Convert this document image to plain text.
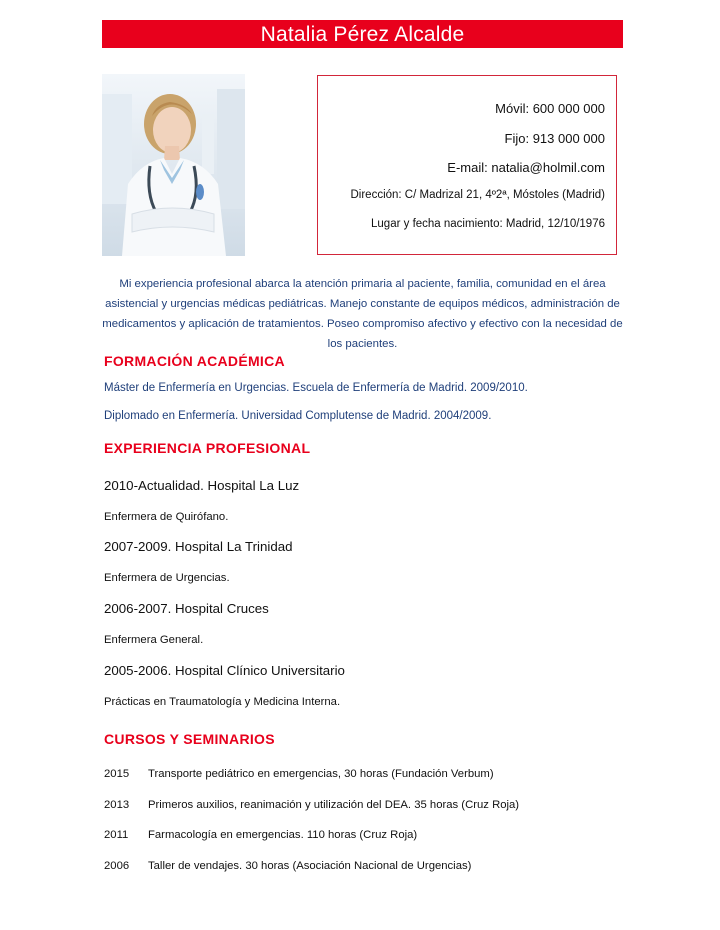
Natalia Pérez Alcalde
Móvil: 600 000 000
Fijo: 913 000 000
E-mail: natalia@holmil.com
Dirección: C/ Madrizal 21, 4º2ª, Móstoles (Madrid)
Lugar y fecha nacimiento: Madrid, 12/10/1976
Mi experiencia profesional abarca la atención primaria al paciente, familia, comunidad en el área asistencial y urgencias médicas pediátricas. Manejo constante de equipos médicos, administración de medicamentos y aplicación de tratamientos. Poseo compromiso afectivo y efectivo con la necesidad de los pacientes.
FORMACIÓN ACADÉMICA
Máster de Enfermería en Urgencias. Escuela de Enfermería de Madrid. 2009/2010.
Diplomado en Enfermería. Universidad Complutense de Madrid. 2004/2009.
EXPERIENCIA PROFESIONAL
2010-Actualidad. Hospital La Luz
Enfermera de Quirófano.
2007-2009. Hospital La Trinidad
Enfermera de Urgencias.
2006-2007. Hospital Cruces
Enfermera General.
2005-2006. Hospital Clínico Universitario
Prácticas en Traumatología y Medicina Interna.
CURSOS Y SEMINARIOS
2015 Transporte pediátrico en emergencias, 30 horas (Fundación Verbum)
2013 Primeros auxilios, reanimación y utilización del DEA. 35 horas (Cruz Roja)
2011 Farmacología en emergencias. 110 horas (Cruz Roja)
2006 Taller de vendajes. 30 horas (Asociación Nacional de Urgencias)
